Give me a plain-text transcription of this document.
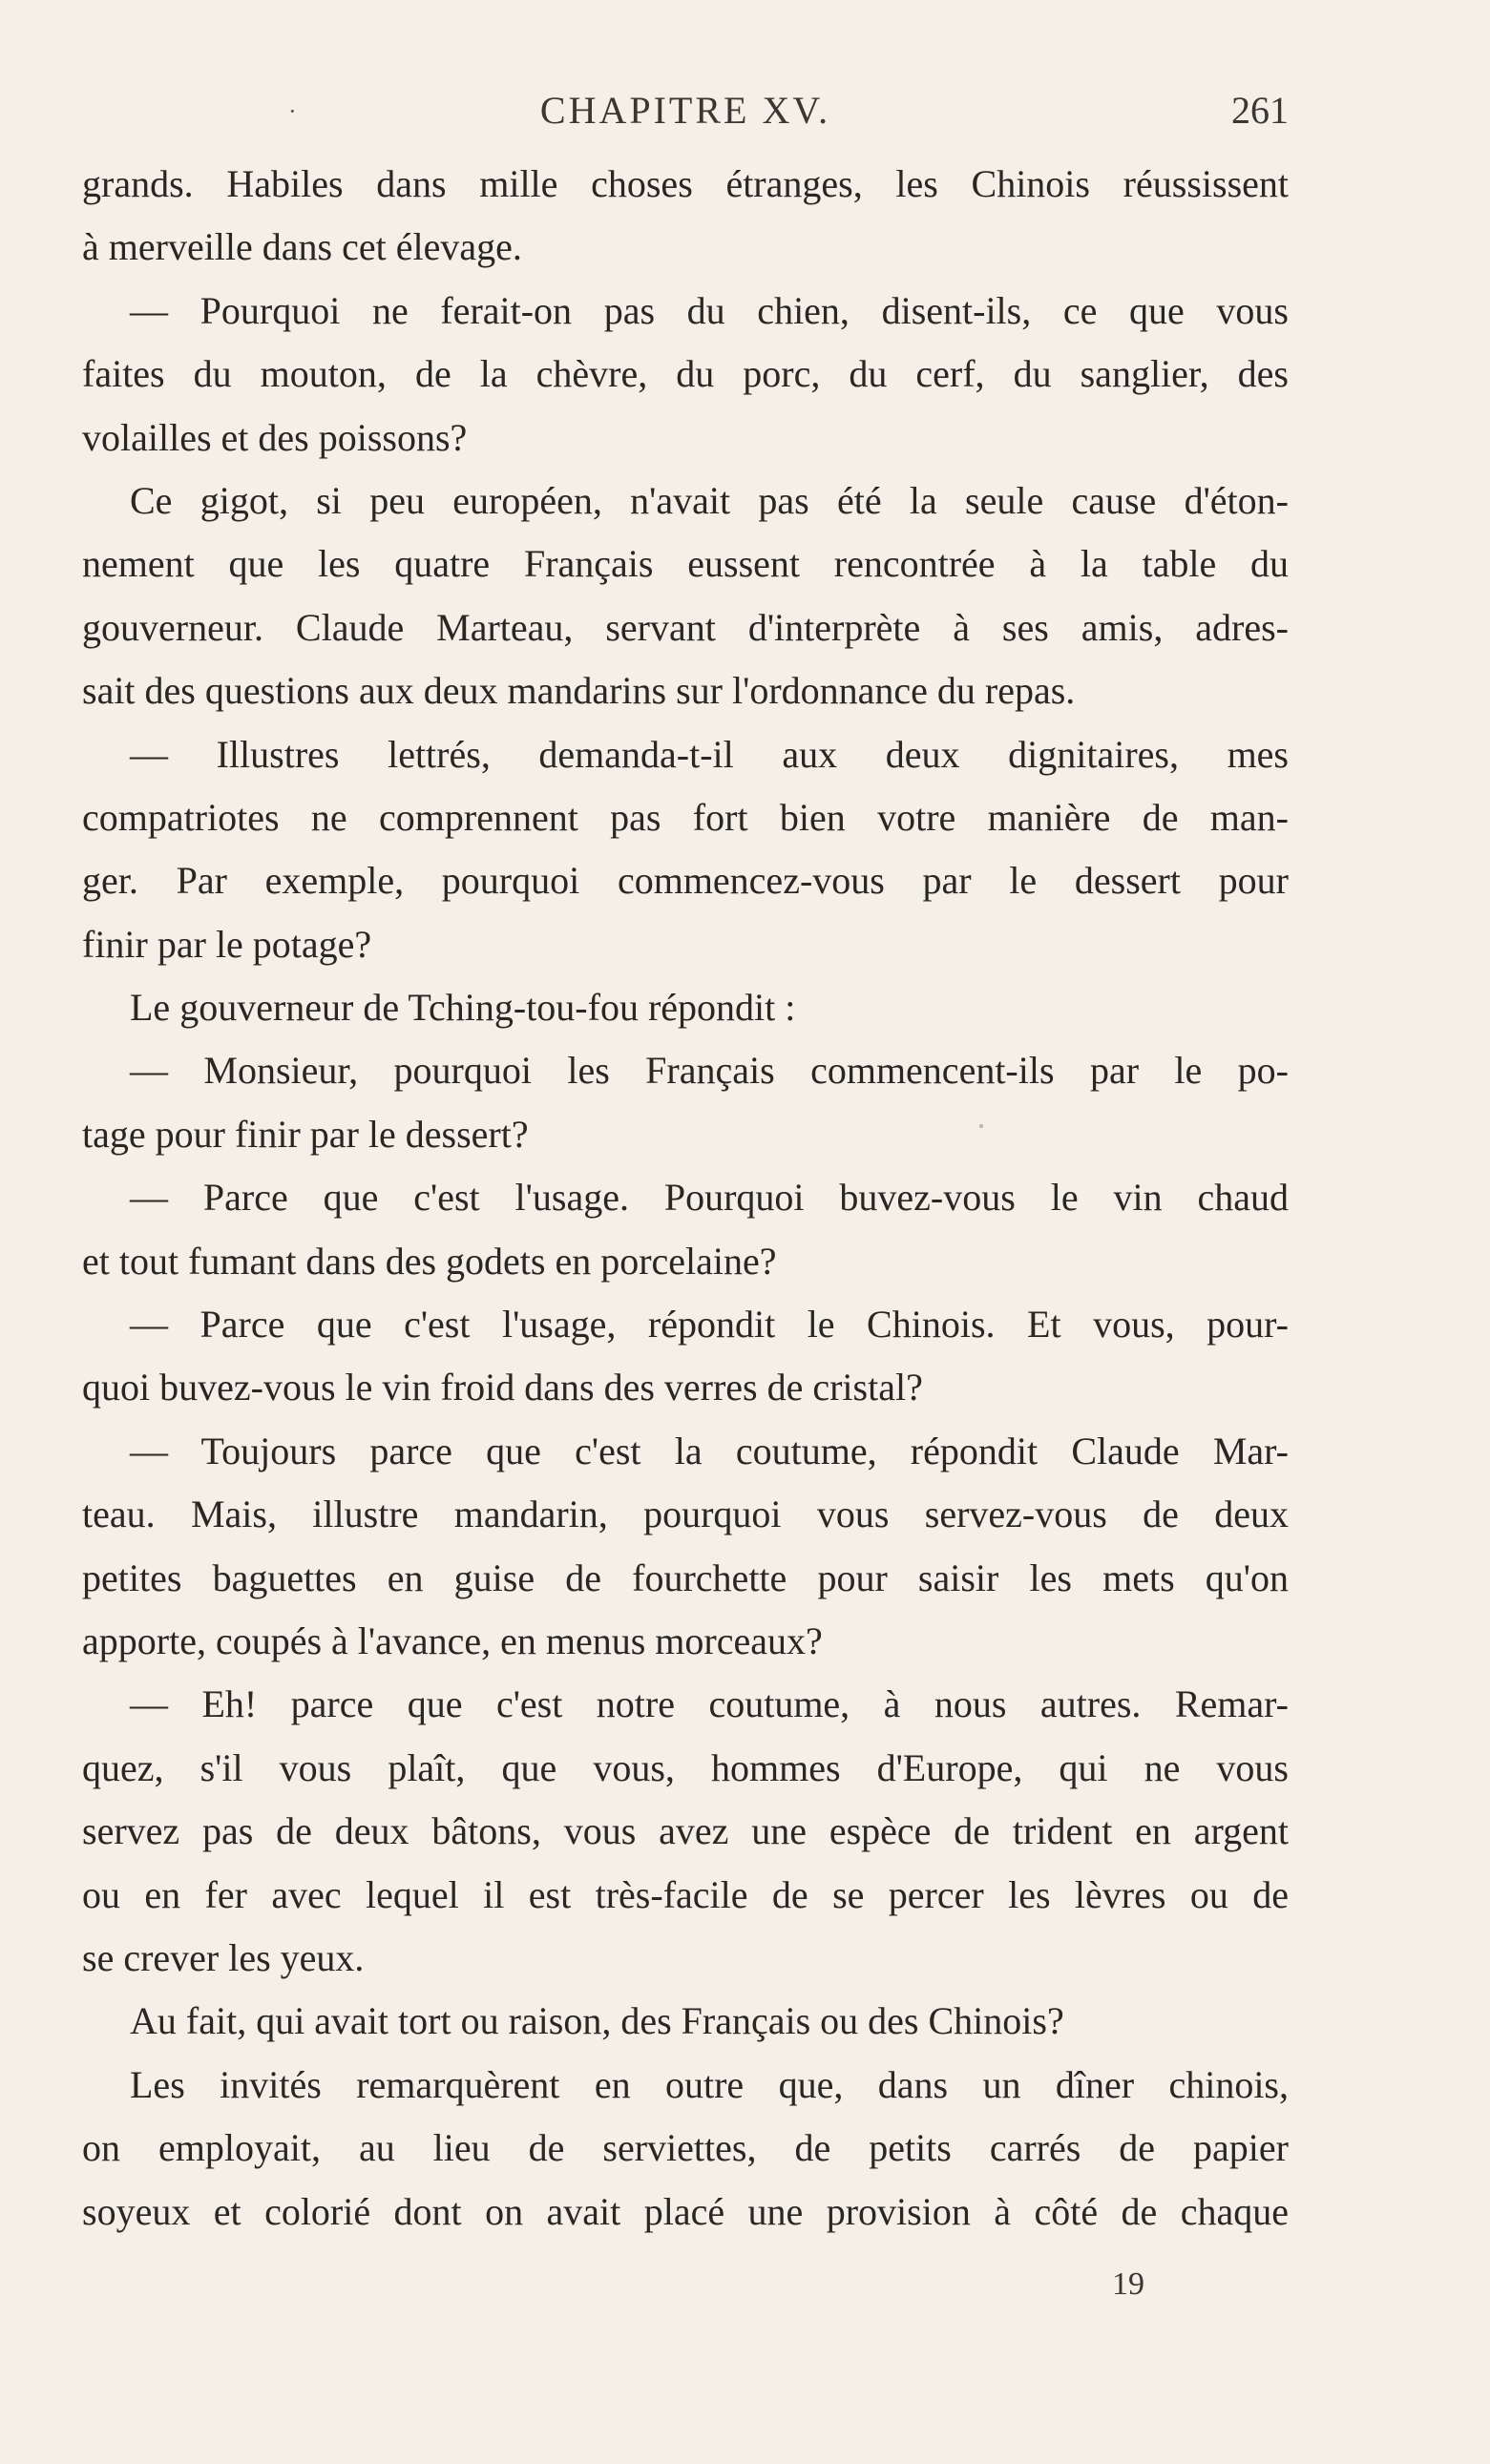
·	CHAPITRE XV.	261
grands. Habiles dans mille choses étranges, les Chinois réussissent
à merveille dans cet élevage.
— Pourquoi ne ferait-on pas du chien, disent-ils, ce que vous
faites du mouton, de la chèvre, du porc, du cerf, du sanglier, des
volailles et des poissons?
Ce gigot, si peu européen, n'avait pas été la seule cause d'éton-
nement que les quatre Français eussent rencontrée à la table du
gouverneur. Claude Marteau, servant d'interprète à ses amis, adres-
sait des questions aux deux mandarins sur l'ordonnance du repas.
— Illustres lettrés, demanda-t-il aux deux dignitaires, mes
compatriotes ne comprennent pas fort bien votre manière de man-
ger. Par exemple, pourquoi commencez-vous par le dessert pour
finir par le potage?
Le gouverneur de Tching-tou-fou répondit :
— Monsieur, pourquoi les Français commencent-ils par le po-
tage pour finir par le dessert?
— Parce que c'est l'usage. Pourquoi buvez-vous le vin chaud
et tout fumant dans des godets en porcelaine?
— Parce que c'est l'usage, répondit le Chinois. Et vous, pour-
quoi buvez-vous le vin froid dans des verres de cristal?
— Toujours parce que c'est la coutume, répondit Claude Mar-
teau. Mais, illustre mandarin, pourquoi vous servez-vous de deux
petites baguettes en guise de fourchette pour saisir les mets qu'on
apporte, coupés à l'avance, en menus morceaux?
— Eh! parce que c'est notre coutume, à nous autres. Remar-
quez, s'il vous plaît, que vous, hommes d'Europe, qui ne vous
servez pas de deux bâtons, vous avez une espèce de trident en argent
ou en fer avec lequel il est très-facile de se percer les lèvres ou de
se crever les yeux.
Au fait, qui avait tort ou raison, des Français ou des Chinois?
Les invités remarquèrent en outre que, dans un dîner chinois,
on employait, au lieu de serviettes, de petits carrés de papier
soyeux et colorié dont on avait placé une provision à côté de chaque
19
